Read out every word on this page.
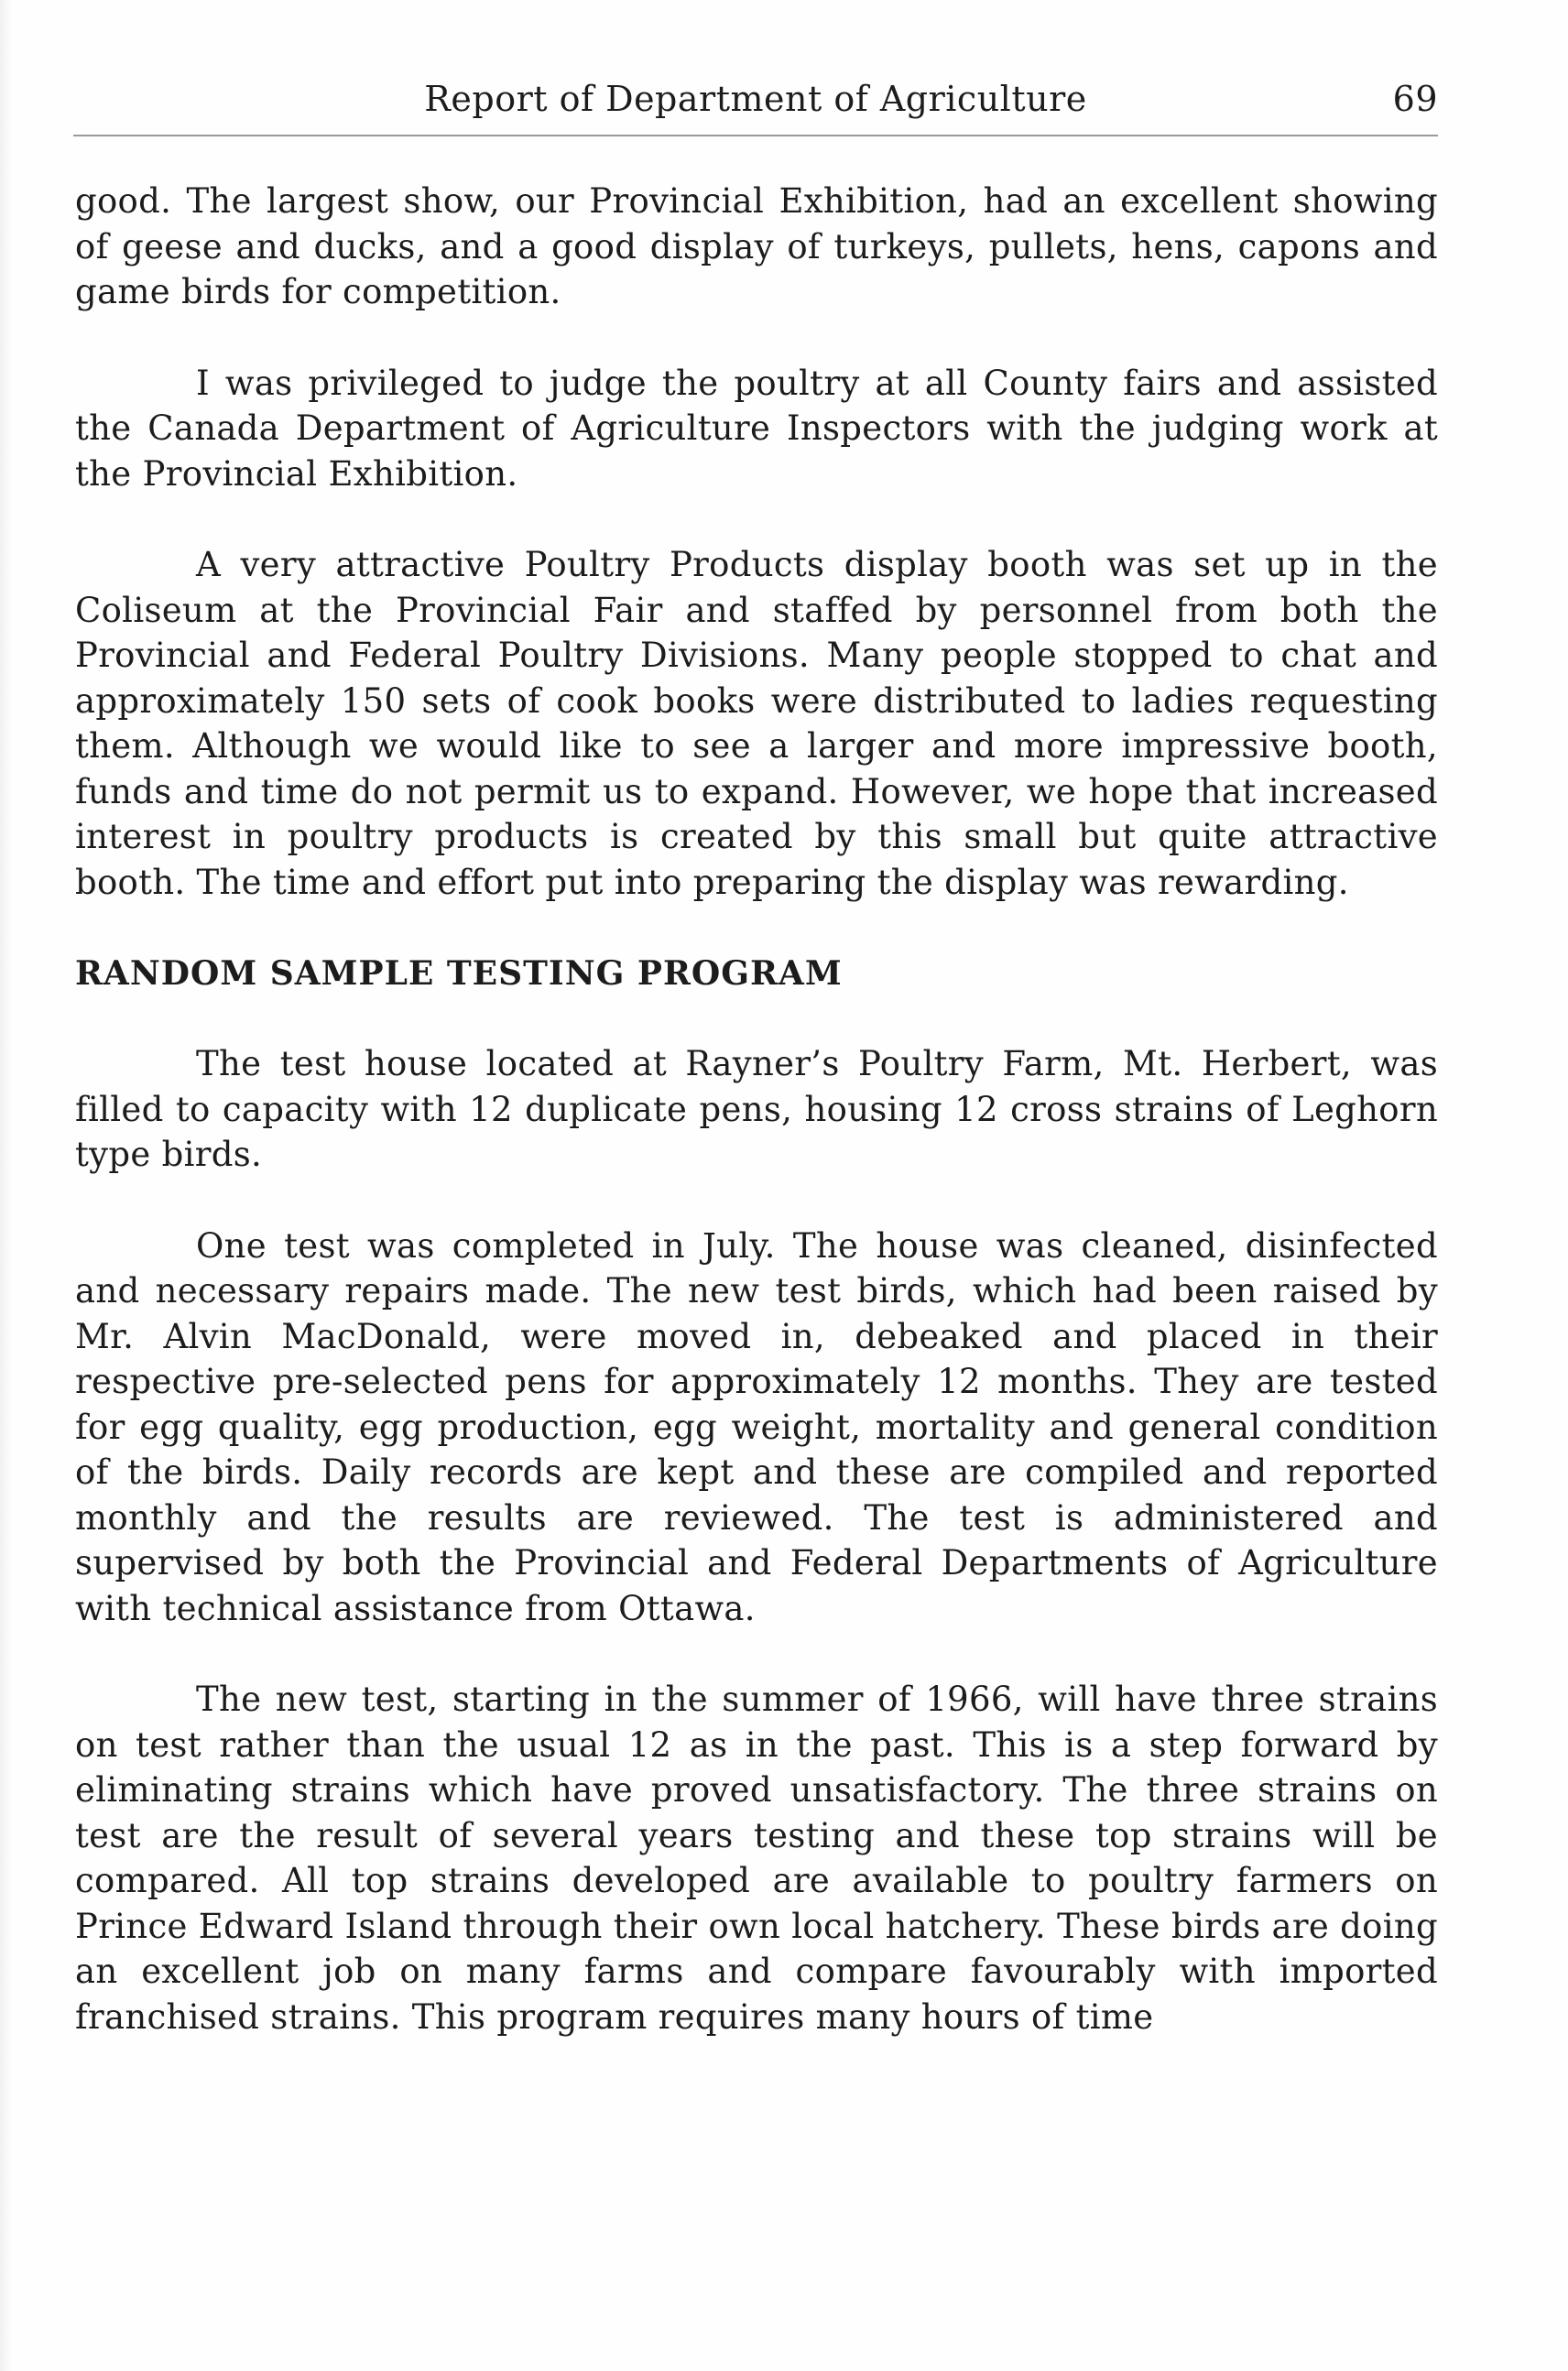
Report of Department of Agriculture	69

good. The largest show, our Provincial Exhibition, had an excellent showing of geese and ducks, and a good display of turkeys, pullets, hens, capons and game birds for competition.

I was privileged to judge the poultry at all County fairs and assisted the Canada Department of Agriculture Inspectors with the judging work at the Provincial Exhibition.

A very attractive Poultry Products display booth was set up in the Coliseum at the Provincial Fair and staffed by personnel from both the Provincial and Federal Poultry Divisions. Many people stopped to chat and approximately 150 sets of cook books were distributed to ladies requesting them. Although we would like to see a larger and more impressive booth, funds and time do not permit us to expand. However, we hope that increased interest in poultry products is created by this small but quite attractive booth. The time and effort put into preparing the display was rewarding.

RANDOM SAMPLE TESTING PROGRAM

The test house located at Rayner’s Poultry Farm, Mt. Herbert, was filled to capacity with 12 duplicate pens, housing 12 cross strains of Leghorn type birds.

One test was completed in July. The house was cleaned, disinfected and necessary repairs made. The new test birds, which had been raised by Mr. Alvin MacDonald, were moved in, debeaked and placed in their respective pre-selected pens for approximately 12 months. They are tested for egg quality, egg production, egg weight, mortality and general condition of the birds. Daily records are kept and these are compiled and reported monthly and the results are reviewed. The test is administered and supervised by both the Provincial and Federal Departments of Agriculture with technical assistance from Ottawa.

The new test, starting in the summer of 1966, will have three strains on test rather than the usual 12 as in the past. This is a step forward by eliminating strains which have proved unsatisfactory. The three strains on test are the result of several years testing and these top strains will be compared. All top strains developed are available to poultry farmers on Prince Edward Island through their own local hatchery. These birds are doing an excellent job on many farms and compare favourably with imported franchised strains. This program requires many hours of time
